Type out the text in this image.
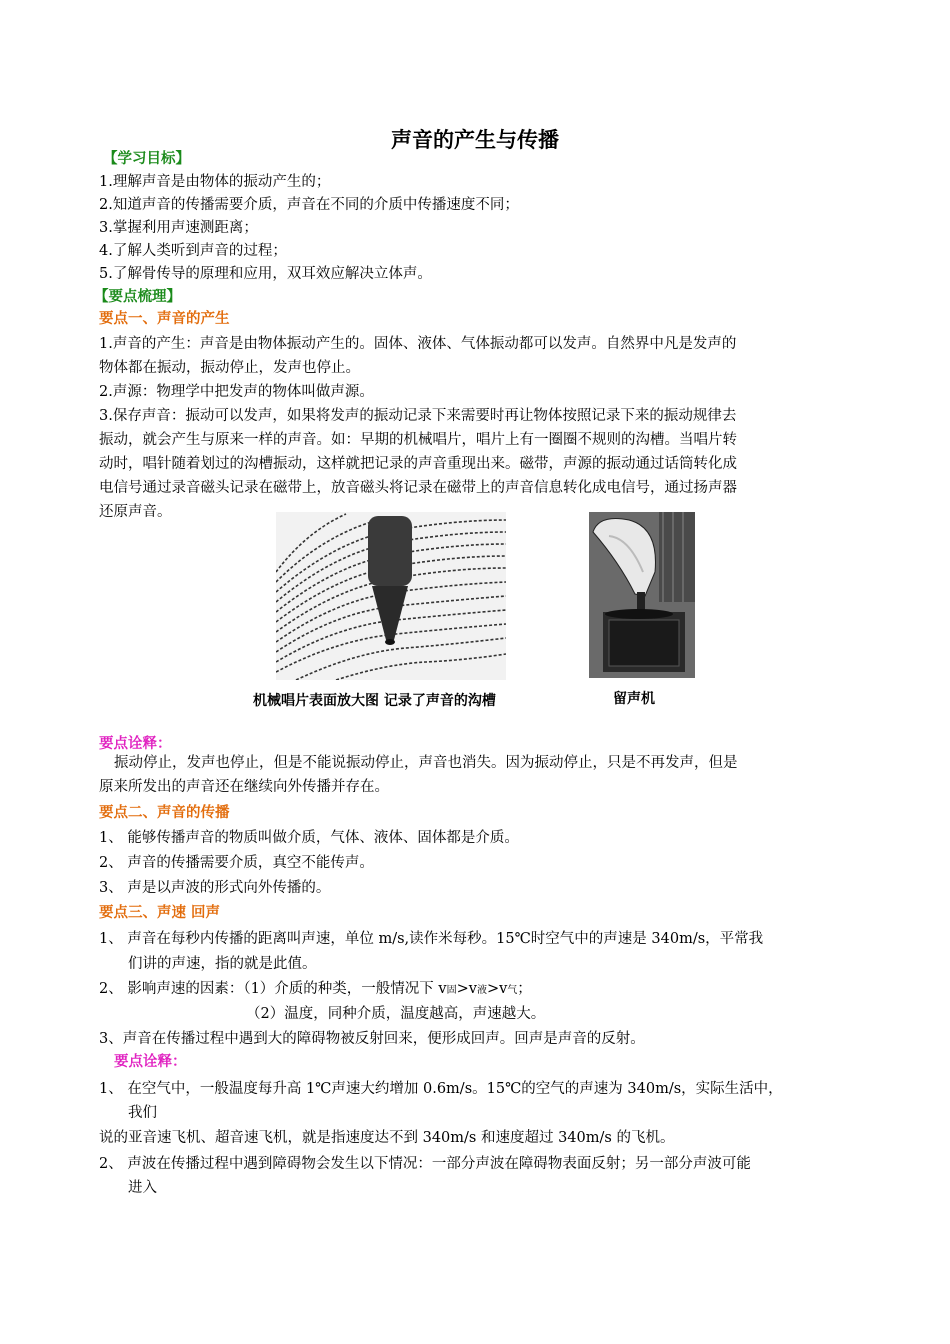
声音的产生与传播
【学习目标】
1.理解声音是由物体的振动产生的；
2.知道声音的传播需要介质，声音在不同的介质中传播速度不同；
3.掌握利用声速测距离；
4.了解人类听到声音的过程；
5.了解骨传导的原理和应用，双耳效应解决立体声。
【要点梳理】
要点一、声音的产生
1.声音的产生：声音是由物体振动产生的。固体、液体、气体振动都可以发声。自然界中凡是发声的
物体都在振动，振动停止，发声也停止。
2.声源：物理学中把发声的物体叫做声源。
3.保存声音：振动可以发声，如果将发声的振动记录下来需要时再让物体按照记录下来的振动规律去
振动，就会产生与原来一样的声音。如：早期的机械唱片，唱片上有一圈圈不规则的沟槽。当唱片转
动时，唱针随着划过的沟槽振动，这样就把记录的声音重现出来。磁带，声源的振动通过话筒转化成
电信号通过录音磁头记录在磁带上，放音磁头将记录在磁带上的声音信息转化成电信号，通过扬声器
还原声音。
机械唱片表面放大图 记录了声音的沟槽	留声机
要点诠释：
振动停止，发声也停止，但是不能说振动停止，声音也消失。因为振动停止，只是不再发声，但是
原来所发出的声音还在继续向外传播并存在。
要点二、声音的传播
1、 能够传播声音的物质叫做介质，气体、液体、固体都是介质。
2、 声音的传播需要介质，真空不能传声。
3、 声是以声波的形式向外传播的。
要点三、声速 回声
1、 声音在每秒内传播的距离叫声速，单位 m/s,读作米每秒。15℃时空气中的声速是 340m/s，平常我
们讲的声速，指的就是此值。
2、 影响声速的因素：（1）介质的种类，一般情况下 v固>v液>v气；
（2）温度，同种介质，温度越高，声速越大。
3、声音在传播过程中遇到大的障碍物被反射回来，便形成回声。回声是声音的反射。
要点诠释：
1、 在空气中，一般温度每升高 1℃声速大约增加 0.6m/s。15℃的空气的声速为 340m/s，实际生活中，
我们
说的亚音速飞机、超音速飞机，就是指速度达不到 340m/s 和速度超过 340m/s 的飞机。
2、 声波在传播过程中遇到障碍物会发生以下情况：一部分声波在障碍物表面反射；另一部分声波可能
进入
